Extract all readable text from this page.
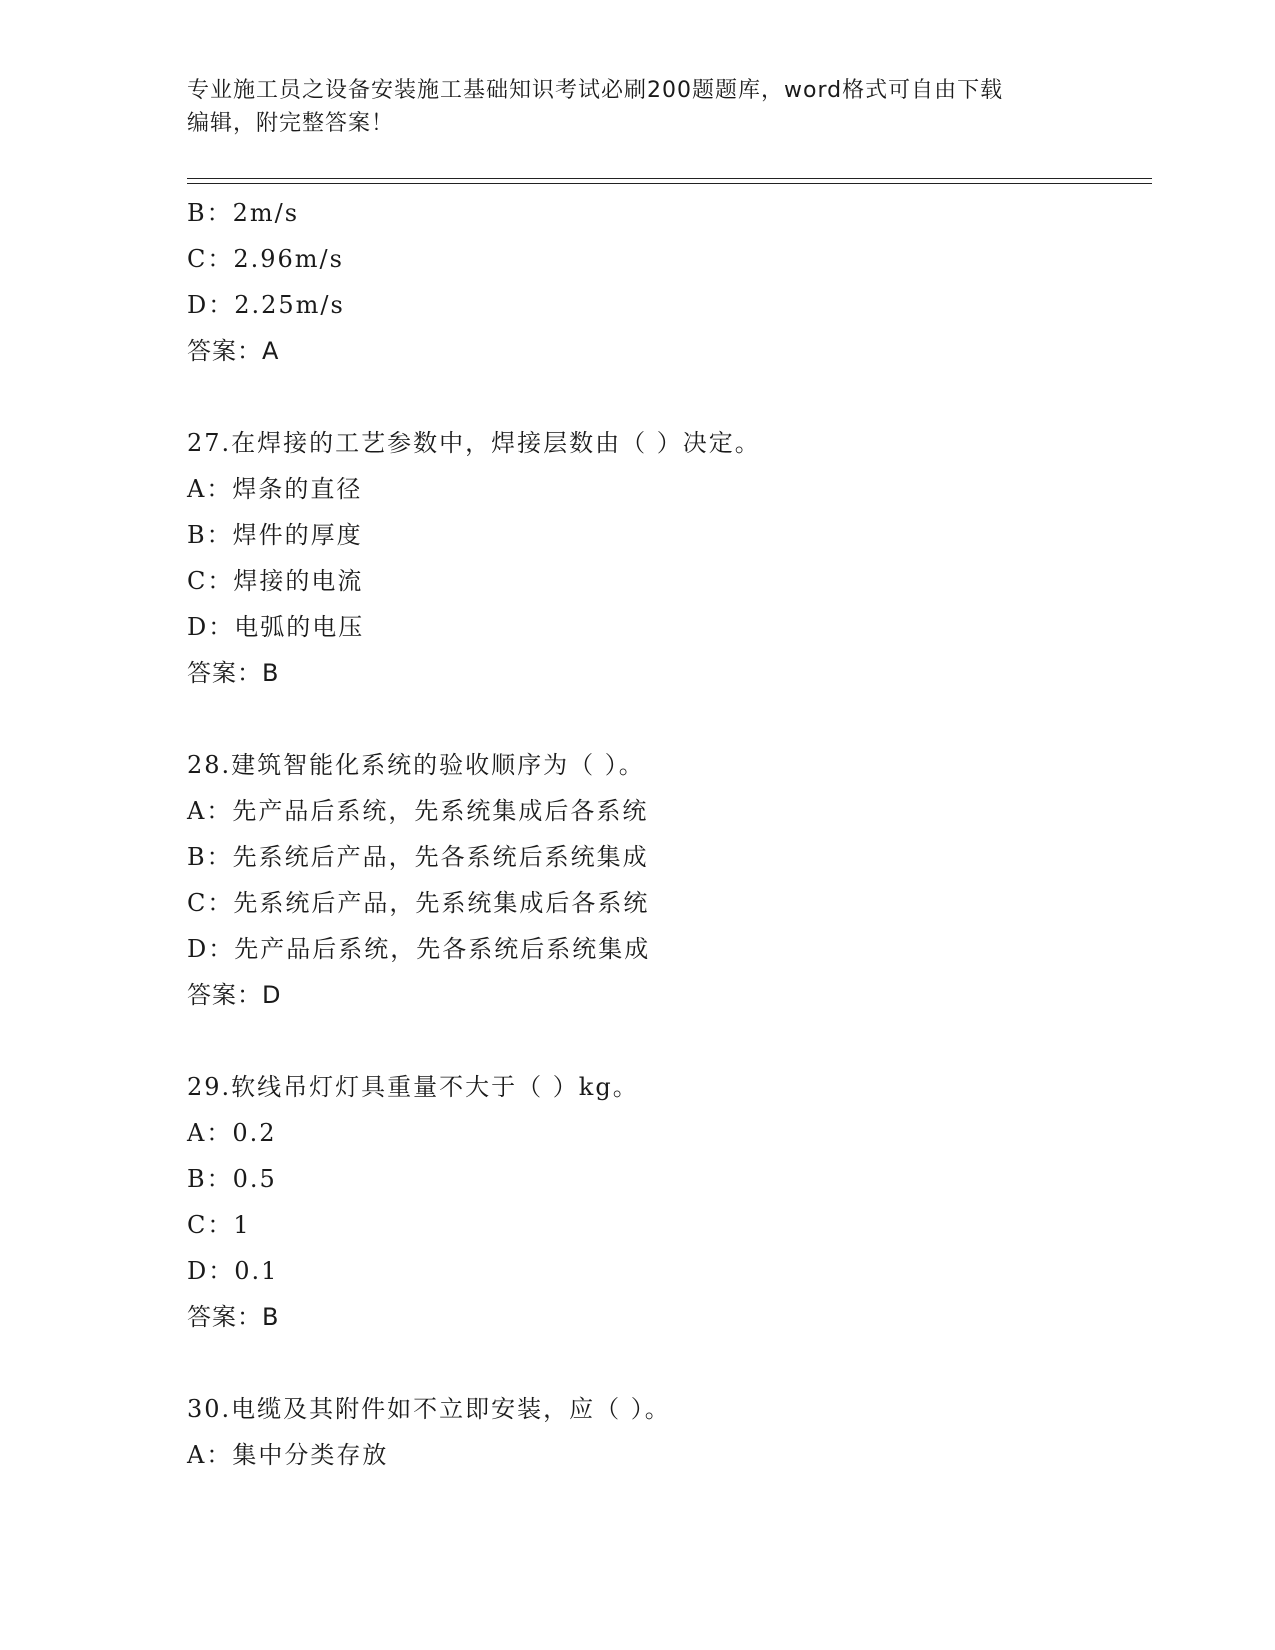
专业施工员之设备安装施工基础知识考试必刷200题题库，word格式可自由下载
编辑，附完整答案！
B：2m/s
C：2.96m/s
D：2.25m/s
答案：A
27.在焊接的工艺参数中，焊接层数由（ ）决定。
A：焊条的直径
B：焊件的厚度
C：焊接的电流
D：电弧的电压
答案：B
28.建筑智能化系统的验收顺序为（ ）。
A：先产品后系统，先系统集成后各系统
B：先系统后产品，先各系统后系统集成
C：先系统后产品，先系统集成后各系统
D：先产品后系统，先各系统后系统集成
答案：D
29.软线吊灯灯具重量不大于（ ）kg。
A：0.2
B：0.5
C：1
D：0.1
答案：B
30.电缆及其附件如不立即安装，应（ ）。
A：集中分类存放
